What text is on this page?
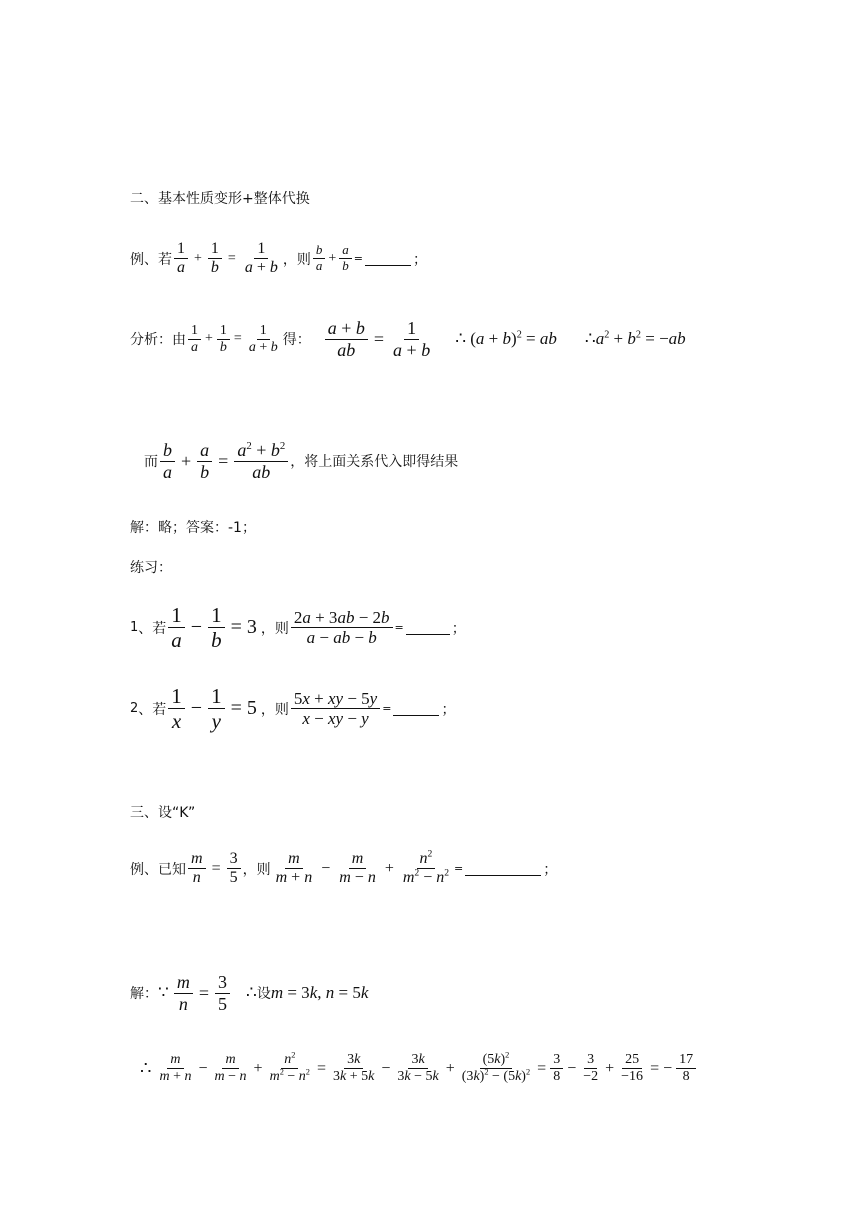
二、基本性质变形+整体代换
例、若 $\frac{1}{a} + \frac{1}{b} = \frac{1}{a + b}$ ，则 $\frac{b}{a} + \frac{a}{b}$ =	；
分析：由 $\frac{1}{a} + \frac{1}{b} = \frac{1}{a + b}$ 得： $\frac{a + b}{ab} = \frac{1}{a + b}$ ∴ $(a + b)^2$ = ab $\therefore a^2 + b^2 = -ab$
而 $\frac{b}{a} + \frac{a}{b} = \frac{a^2 + b^2}{ab}$ ，将上面关系代入即得结果
解：略；答案：-1；
练习：
1 、若 $\frac{1}{a} - \frac{1}{b} = 3$ ，则 $\frac{2a + 3ab - 2b}{a - ab - b}$ =	；
2 、若 $\frac{1}{x} - \frac{1}{y} = 5$ ，则 $\frac{5x + xy - 5y}{x - xy - y}$ =	；
三、设“K”
例、已知 $\frac{m}{n} = \frac{3}{5}$ ，则 $\frac{m}{m + n} - \frac{m}{m - n} + \frac{n^2}{m^2 - n^2}$ =	；
解： ∵ $\frac{m}{n} = \frac{3}{5}$ ∴ 设 m = 3k, n = 5k
∴ $\frac{m}{m + n} - \frac{m}{m - n} + \frac{n^2}{m^2 - n^2} = \frac{3k}{3k + 5k} - \frac{3k}{3k - 5k} + \frac{(5k)^2}{(3k)^2 - (5k)^2} = \frac{3}{8} - \frac{3}{-2} + \frac{25}{-16}$ = − $\frac{17}{8}$
